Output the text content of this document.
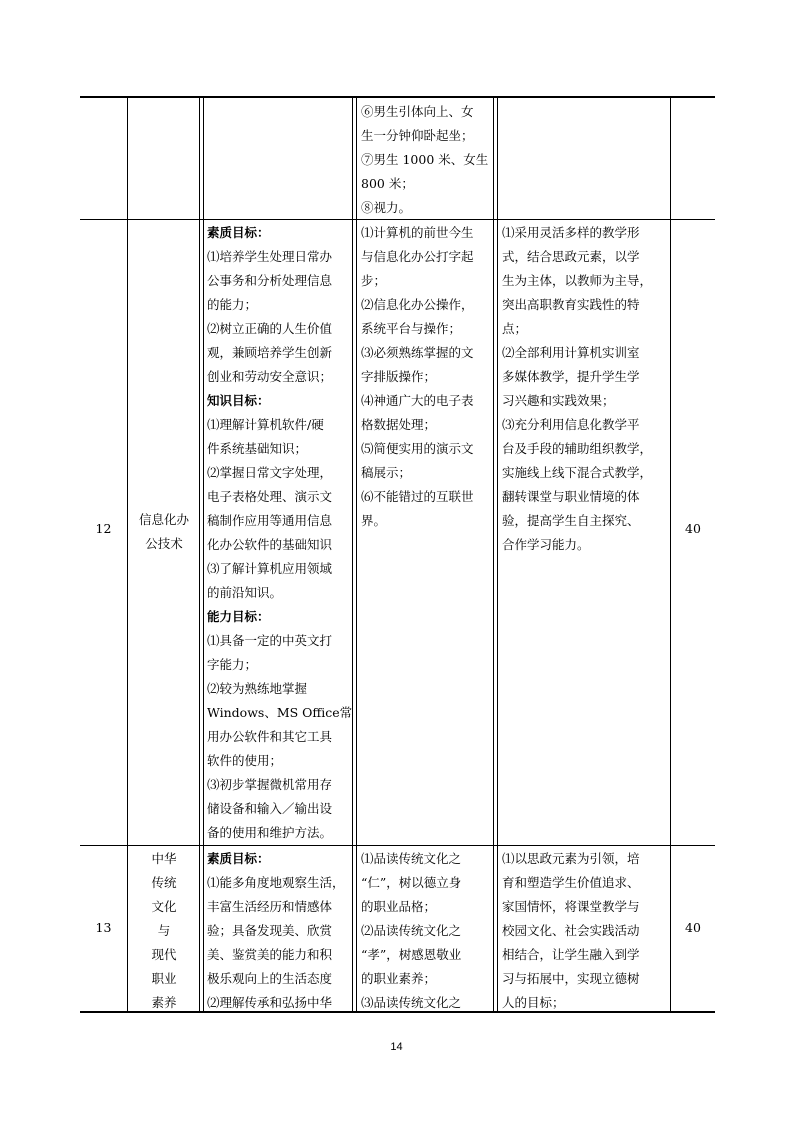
⑥男生引体向上、女
生一分钟仰卧起坐；
⑦男生 1000 米、女生
800 米；
⑧视力。
12
信息化办
公技术
素质目标：
⑴培养学生处理日常办
公事务和分析处理信息
的能力；
⑵树立正确的人生价值
观，兼顾培养学生创新
创业和劳动安全意识；
知识目标：
⑴理解计算机软件/硬
件系统基础知识；
⑵掌握日常文字处理，
电子表格处理、演示文
稿制作应用等通用信息
化办公软件的基础知识
⑶了解计算机应用领域
的前沿知识。
能力目标：
⑴具备一定的中英文打
字能力；
⑵较为熟练地掌握
Windows、MS Office常
用办公软件和其它工具
软件的使用；
⑶初步掌握微机常用存
储设备和输入／输出设
备的使用和维护方法。
⑴计算机的前世今生
与信息化办公打字起
步；
⑵信息化办公操作，
系统平台与操作；
⑶必须熟练掌握的文
字排版操作；
⑷神通广大的电子表
格数据处理；
⑸简便实用的演示文
稿展示；
⑹不能错过的互联世
界。
⑴采用灵活多样的教学形
式，结合思政元素，以学
生为主体，以教师为主导，
突出高职教育实践性的特
点；
⑵全部利用计算机实训室
多媒体教学，提升学生学
习兴趣和实践效果；
⑶充分利用信息化教学平
台及手段的辅助组织教学，
实施线上线下混合式教学，
翻转课堂与职业情境的体
验，提高学生自主探究、
合作学习能力。
40
13
中华
传统
文化
与
现代
职业
素养
素质目标：
⑴能多角度地观察生活，
丰富生活经历和情感体
验；具备发现美、欣赏
美、鉴赏美的能力和积
极乐观向上的生活态度
⑵理解传承和弘扬中华
⑴品读传统文化之
“仁”，树以德立身
的职业品格；
⑵品读传统文化之
“孝”，树感恩敬业
的职业素养；
⑶品读传统文化之
⑴以思政元素为引领，培
育和塑造学生价值追求、
家国情怀，将课堂教学与
校园文化、社会实践活动
相结合，让学生融入到学
习与拓展中，实现立德树
人的目标；
40
14
